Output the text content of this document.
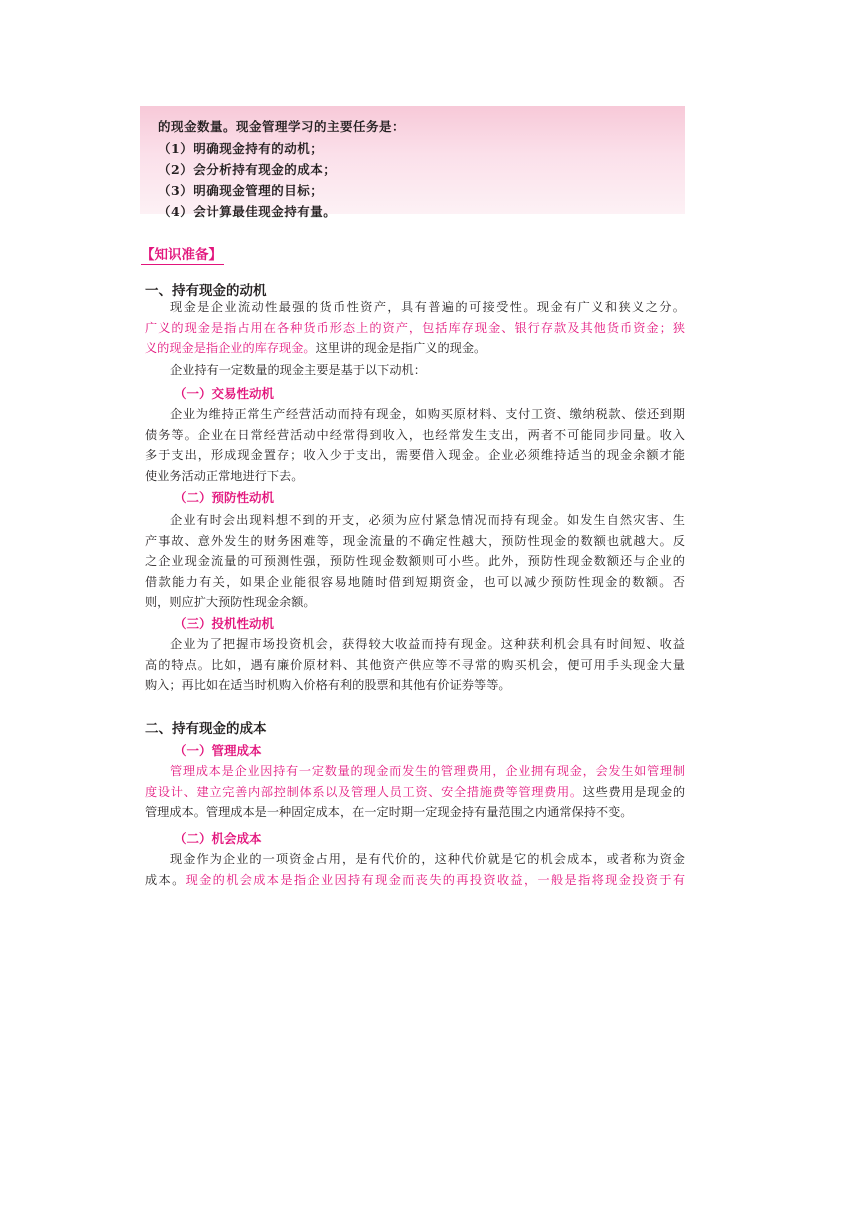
的现金数量。现金管理学习的主要任务是：
（1）明确现金持有的动机；
（2）会分析持有现金的成本；
（3）明确现金管理的目标；
（4）会计算最佳现金持有量。
【知识准备】
一、持有现金的动机
现金是企业流动性最强的货币性资产，具有普遍的可接受性。现金有广义和狭义之分。
广义的现金是指占用在各种货币形态上的资产，包括库存现金、银行存款及其他货币资金；狭
义的现金是指企业的库存现金。这里讲的现金是指广义的现金。
企业持有一定数量的现金主要是基于以下动机：
（一）交易性动机
企业为维持正常生产经营活动而持有现金，如购买原材料、支付工资、缴纳税款、偿还到期
债务等。企业在日常经营活动中经常得到收入，也经常发生支出，两者不可能同步同量。收入
多于支出，形成现金置存；收入少于支出，需要借入现金。企业必须维持适当的现金余额才能
使业务活动正常地进行下去。
（二）预防性动机
企业有时会出现料想不到的开支，必须为应付紧急情况而持有现金。如发生自然灾害、生
产事故、意外发生的财务困难等，现金流量的不确定性越大，预防性现金的数额也就越大。反
之企业现金流量的可预测性强，预防性现金数额则可小些。此外，预防性现金数额还与企业的
借款能力有关，如果企业能很容易地随时借到短期资金，也可以减少预防性现金的数额。否
则，则应扩大预防性现金余额。
（三）投机性动机
企业为了把握市场投资机会，获得较大收益而持有现金。这种获利机会具有时间短、收益
高的特点。比如，遇有廉价原材料、其他资产供应等不寻常的购买机会，便可用手头现金大量
购入；再比如在适当时机购入价格有利的股票和其他有价证券等等。
二、持有现金的成本
（一）管理成本
管理成本是企业因持有一定数量的现金而发生的管理费用，企业拥有现金，会发生如管理制
度设计、建立完善内部控制体系以及管理人员工资、安全措施费等管理费用。这些费用是现金的
管理成本。管理成本是一种固定成本，在一定时期一定现金持有量范围之内通常保持不变。
（二）机会成本
现金作为企业的一项资金占用，是有代价的，这种代价就是它的机会成本，或者称为资金
成本。现金的机会成本是指企业因持有现金而丧失的再投资收益，一般是指将现金投资于有
